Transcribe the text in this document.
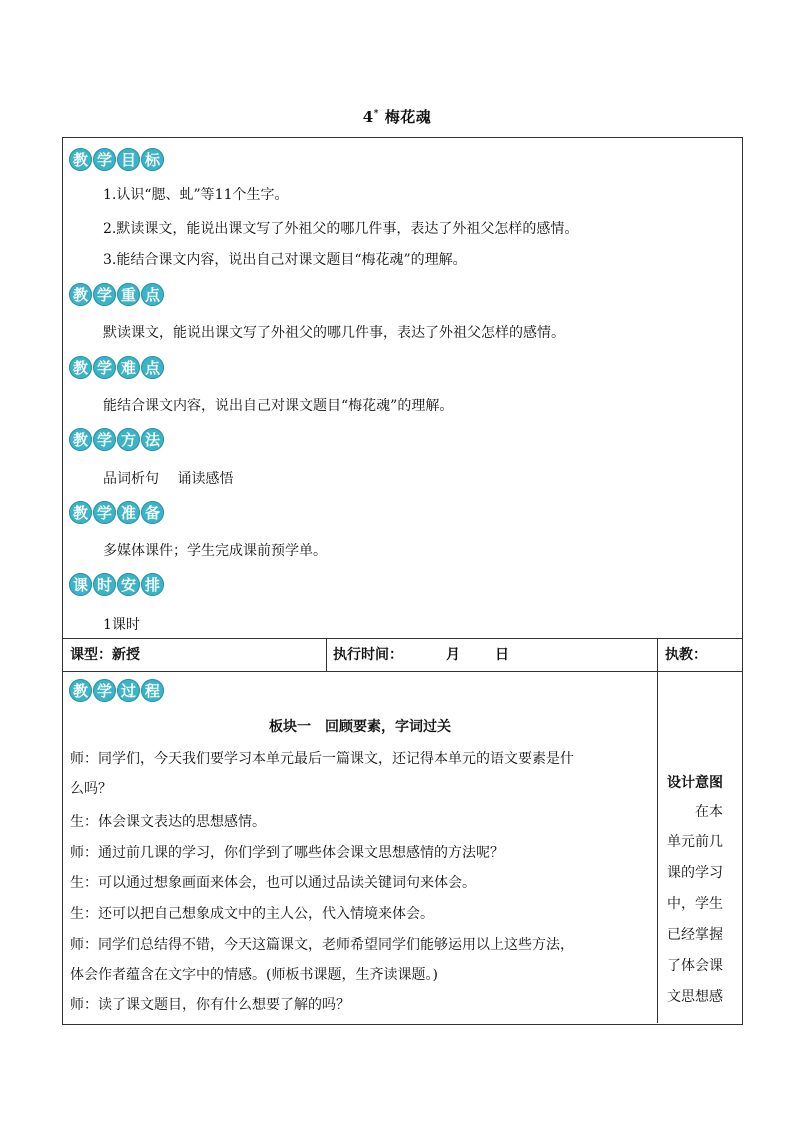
4* 梅花魂
教 学 目 标
1.认识“腮、虬”等11个生字。
2.默读课文，能说出课文写了外祖父的哪几件事，表达了外祖父怎样的感情。
3.能结合课文内容，说出自己对课文题目“梅花魂”的理解。
教 学 重 点
默读课文，能说出课文写了外祖父的哪几件事，表达了外祖父怎样的感情。
教 学 难 点
能结合课文内容，说出自己对课文题目“梅花魂”的理解。
教 学 方 法
品词析句　 诵读感悟
教 学 准 备
多媒体课件；学生完成课前预学单。
课 时 安 排
1课时
课型：新授	执行时间：	月	日	执教：
教 学 过 程
板块一　回顾要素，字词过关
师：同学们，今天我们要学习本单元最后一篇课文，还记得本单元的语文要素是什
么吗？
生：体会课文表达的思想感情。
师：通过前几课的学习，你们学到了哪些体会课文思想感情的方法呢？
生：可以通过想象画面来体会，也可以通过品读关键词句来体会。
生：还可以把自己想象成文中的主人公，代入情境来体会。
师：同学们总结得不错，今天这篇课文，老师希望同学们能够运用以上这些方法，
体会作者蕴含在文字中的情感。(师板书课题，生齐读课题。)
师：读了课文题目，你有什么想要了解的吗？
设计意图
在本
单元前几
课的学习
中，学生
已经掌握
了体会课
文思想感
